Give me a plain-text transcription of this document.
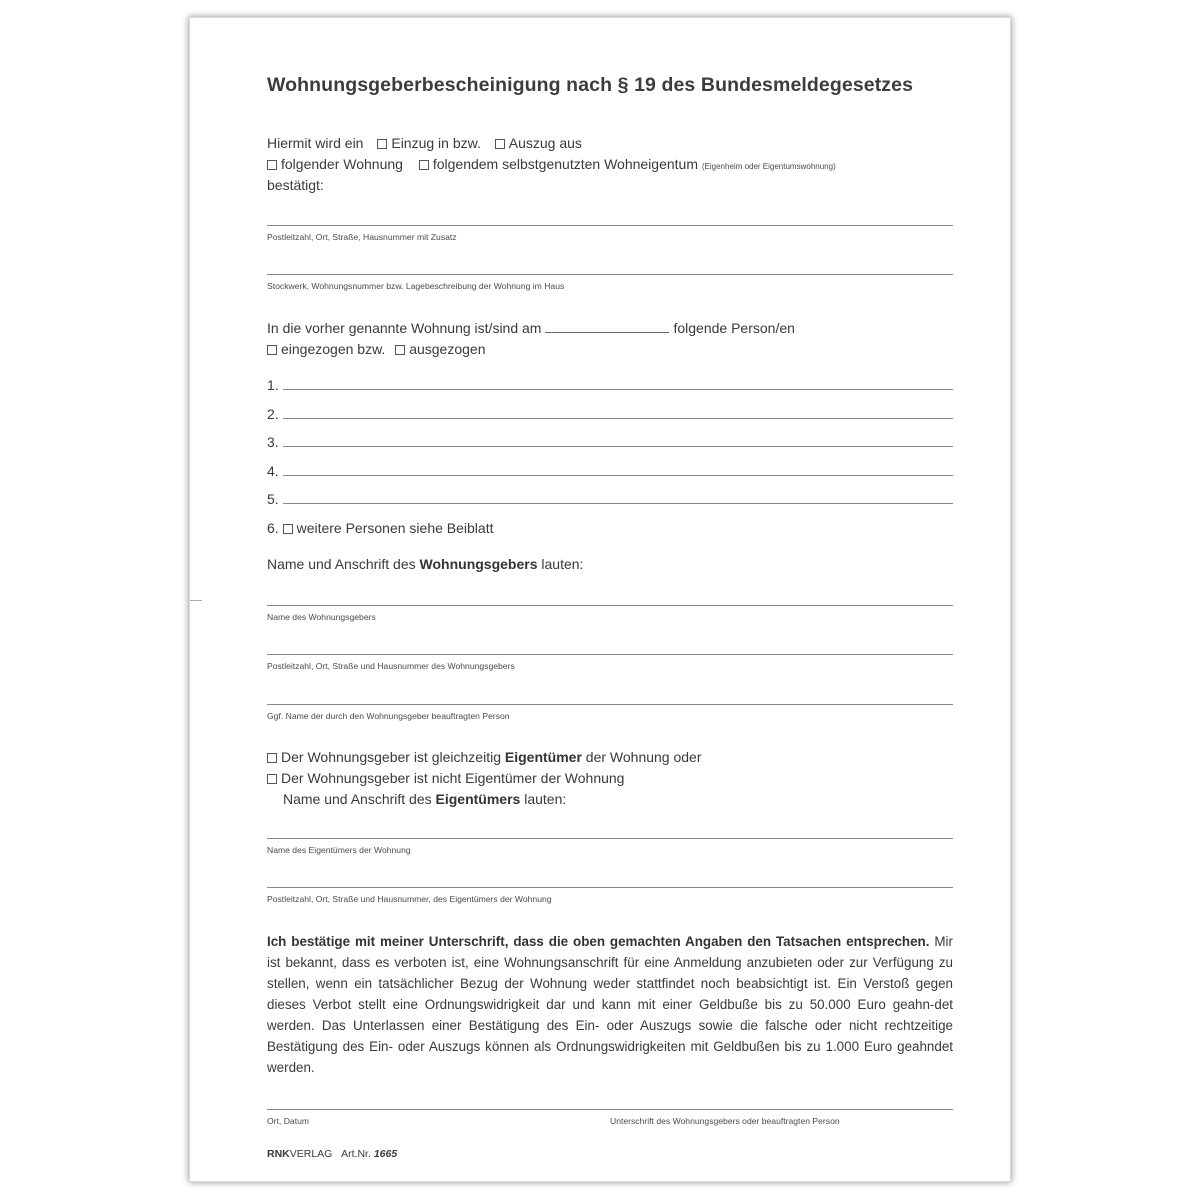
Wohnungsgeberbescheinigung nach § 19 des Bundesmeldegesetzes
Hiermit wird ein Einzug in bzw. Auszug aus
folgender Wohnung folgendem selbstgenutzten Wohneigentum (Eigenheim oder Eigentumswohnung)
bestätigt:
Postleitzahl, Ort, Straße, Hausnummer mit Zusatz
Stockwerk, Wohnungsnummer bzw. Lagebeschreibung der Wohnung im Haus
In die vorher genannte Wohnung ist/sind am	folgende Person/en
eingezogen bzw. ausgezogen
1.
2.
3.
4.
5.
6. weitere Personen siehe Beiblatt
Name und Anschrift des Wohnungsgebers lauten:
Name des Wohnungsgebers
Postleitzahl, Ort, Straße und Hausnummer des Wohnungsgebers
Ggf. Name der durch den Wohnungsgeber beauftragten Person
Der Wohnungsgeber ist gleichzeitig Eigentümer der Wohnung oder
Der Wohnungsgeber ist nicht Eigentümer der Wohnung
Name und Anschrift des Eigentümers lauten:
Name des Eigentümers der Wohnung
Postleitzahl, Ort, Straße und Hausnummer, des Eigentümers der Wohnung
Ich bestätige mit meiner Unterschrift, dass die oben gemachten Angaben den Tatsachen entsprechen. Mir ist bekannt, dass es verboten ist, eine Wohnungsanschrift für eine Anmeldung anzubieten oder zur Verfügung zu stellen, wenn ein tatsächlicher Bezug der Wohnung weder stattfindet noch beabsichtigt ist. Ein Verstoß gegen dieses Verbot stellt eine Ordnungswidrigkeit dar und kann mit einer Geldbuße bis zu 50.000 Euro geahn-det werden. Das Unterlassen einer Bestätigung des Ein- oder Auszugs sowie die falsche oder nicht rechtzeitige Bestätigung des Ein- oder Auszugs können als Ordnungswidrigkeiten mit Geldbußen bis zu 1.000 Euro geahndet werden.
Ort, Datum	Unterschrift des Wohnungsgebers oder beauftragten Person
RNKVERLAG Art.Nr. 1665
